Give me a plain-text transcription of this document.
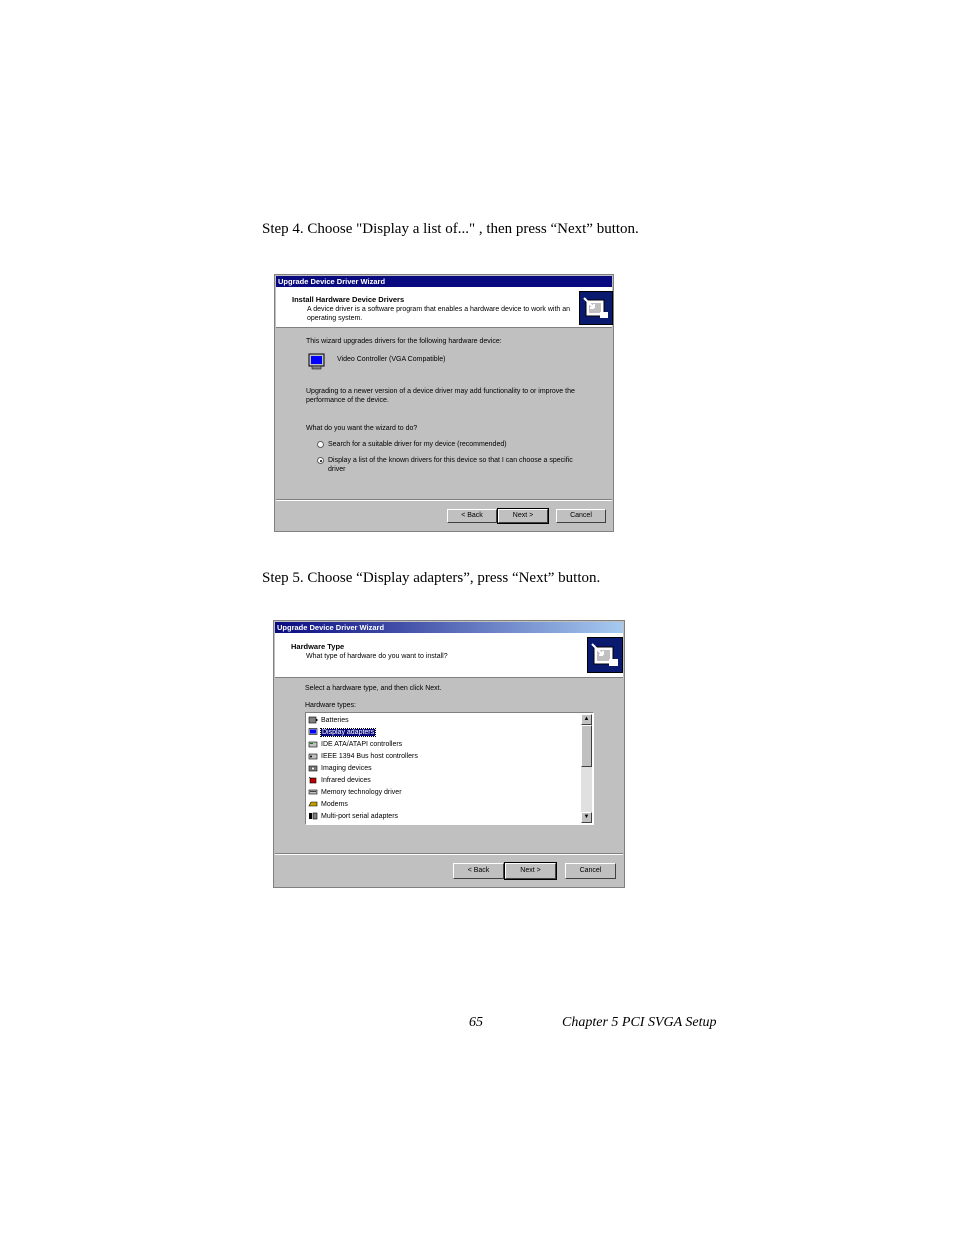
Step 4. Choose "Display a list of..." , then press “Next” button.
Upgrade Device Driver Wizard
Install Hardware Device Drivers
A device driver is a software program that enables a hardware device to work with an operating system.
This wizard upgrades drivers for the following hardware device:
Video Controller (VGA Compatible)
Upgrading to a newer version of a device driver may add functionality to or improve the performance of the device.
What do you want the wizard to do?
Search for a suitable driver for my device (recommended)
Display a list of the known drivers for this device so that I can choose a specific driver
< Back	Next >	Cancel
Step 5. Choose “Display adapters”, press “Next” button.
Upgrade Device Driver Wizard
Hardware Type
What type of hardware do you want to install?
Select a hardware type, and then click Next.
Hardware types:
Batteries
Display adapters
IDE ATA/ATAPI controllers
IEEE 1394 Bus host controllers
Imaging devices
Infrared devices
Memory technology driver
Modems
Multi-port serial adapters
▲
▼
< Back	Next >	Cancel
65	Chapter 5 PCI SVGA Setup
